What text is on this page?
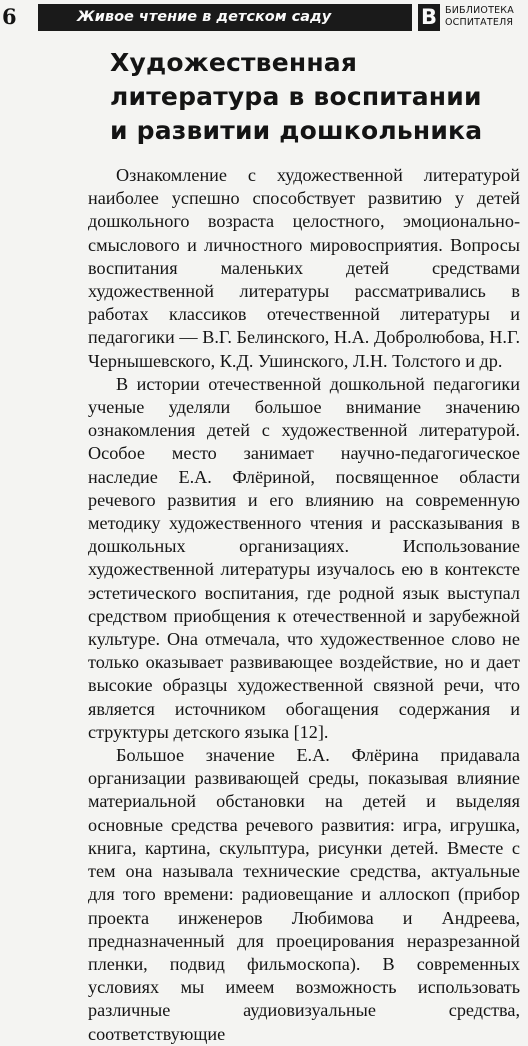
6	Живое чтение в детском саду	В БИБЛИОТЕКА
ОСПИТАТЕЛЯ
Художественная
литература в воспитании
и развитии дошкольника

Ознакомление с художественной литературой наиболее успешно способствует развитию у детей дошкольного возраста целостного, эмоционально-смыслового и личностного мировосприятия. Вопросы воспитания маленьких детей средствами художественной литературы рассматривались в работах классиков отечественной литературы и педагогики — В.Г. Белинского, Н.А. Добролюбова, Н.Г. Чернышевского, К.Д. Ушинского, Л.Н. Толстого и др.

В истории отечественной дошкольной педагогики ученые уделяли большое внимание значению ознакомления детей с художественной литературой. Особое место занимает научно-педагогическое наследие Е.А. Флёриной, посвященное области речевого развития и его влиянию на современную методику художественного чтения и рассказывания в дошкольных организациях. Использование художественной литературы изучалось ею в контексте эстетического воспитания, где родной язык выступал средством приобщения к отечественной и зарубежной культуре. Она отмечала, что художественное слово не только оказывает развивающее воздействие, но и дает высокие образцы художественной связной речи, что является источником обогащения содержания и структуры детского языка [12].

Большое значение Е.А. Флёрина придавала организации развивающей среды, показывая влияние материальной обстановки на детей и выделяя основные средства речевого развития: игра, игрушка, книга, картина, скульптура, рисунки детей. Вместе с тем она называла технические средства, актуальные для того времени: радиовещание и аллоскоп (прибор проекта инженеров Любимова и Андреева, предназначенный для проецирования неразрезанной пленки, подвид фильмоскопа). В современных условиях мы имеем возможность использовать различные аудиовизуальные средства, соответствующие
